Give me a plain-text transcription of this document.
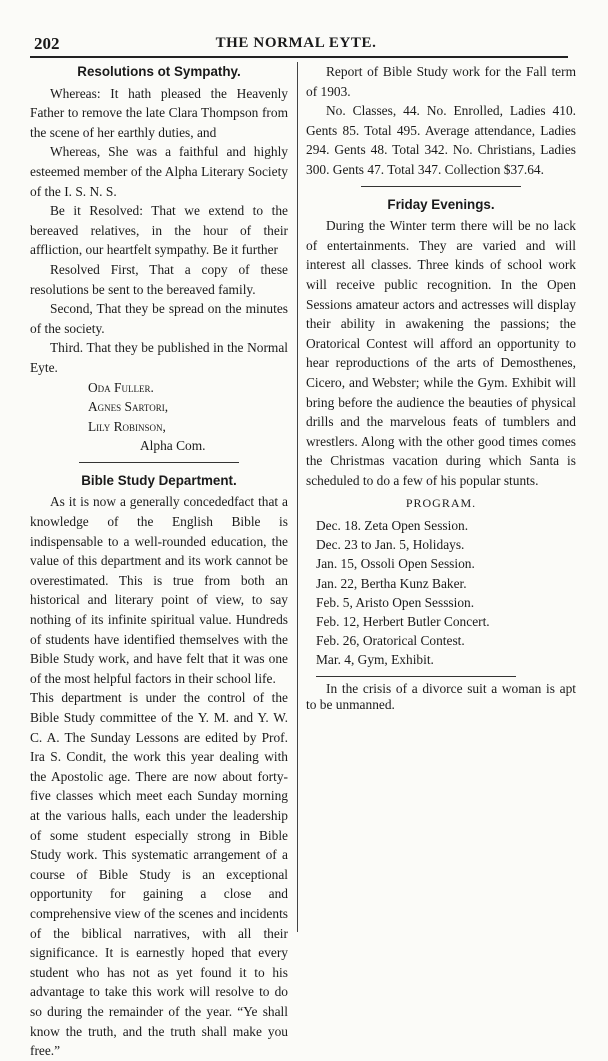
202	THE NORMAL EYTE.
Resolutions ot Sympathy.

Whereas: It hath pleased the Heavenly Father to remove the late Clara Thompson from the scene of her earthly duties, and

Whereas, She was a faithful and highly esteemed member of the Alpha Literary Society of the I. S. N. S.

Be it Resolved: That we extend to the bereaved relatives, in the hour of their affliction, our heartfelt sympathy. Be it further

Resolved First, That a copy of these resolutions be sent to the bereaved family.

Second, That they be spread on the minutes of the society.

Third. That they be published in the Normal Eyte.

Oda Fuller.
Agnes Sartori,
Lily Robinson,
Alpha Com.
Bible Study Department.

As it is now a generally concededfact that a knowledge of the English Bible is indispensable to a well-rounded education, the value of this department and its work cannot be overestimated. This is true from both an historical and literary point of view, to say nothing of its infinite spiritual value. Hundreds of students have identified themselves with the Bible Study work, and have felt that it was one of the most helpful factors in their school life.

This department is under the control of the Bible Study committee of the Y. M. and Y. W. C. A. The Sunday Lessons are edited by Prof. Ira S. Condit, the work this year dealing with the Apostolic age. There are now about forty-five classes which meet each Sunday morning at the various halls, each under the leadership of some student especially strong in Bible Study work. This systematic arrangement of a course of Bible Study is an exceptional opportunity for gaining a close and comprehensive view of the scenes and incidents of the biblical narratives, with all their significance. It is earnestly hoped that every student who has not as yet found it to his advantage to take this work will resolve to do so during the remainder of the year. “Ye shall know the truth, and the truth shall make you free.”

Report of Bible Study work for the Fall term of 1903.

No. Classes, 44. No. Enrolled, Ladies 410. Gents 85. Total 495. Average attendance, Ladies 294. Gents 48. Total 342. No. Christians, Ladies 300. Gents 47. Total 347. Collection $37.64.

Friday Evenings.

During the Winter term there will be no lack of entertainments. They are varied and will interest all classes. Three kinds of school work will receive public recognition. In the Open Sessions amateur actors and actresses will display their ability in awakening the passions; the Oratorical Contest will afford an opportunity to hear reproductions of the arts of Demosthenes, Cicero, and Webster; while the Gym. Exhibit will bring before the audience the beauties of physical drills and the marvelous feats of tumblers and wrestlers. Along with the other good times comes the Christmas vacation during which Santa is scheduled to do a few of his popular stunts.

PROGRAM.
Dec. 18. Zeta Open Session.
Dec. 23 to Jan. 5, Holidays.
Jan. 15, Ossoli Open Session.
Jan. 22, Bertha Kunz Baker.
Feb. 5, Aristo Open Sesssion.
Feb. 12, Herbert Butler Concert.
Feb. 26, Oratorical Contest.
Mar. 4, Gym, Exhibit.

In the crisis of a divorce suit a woman is apt to be unmanned.
